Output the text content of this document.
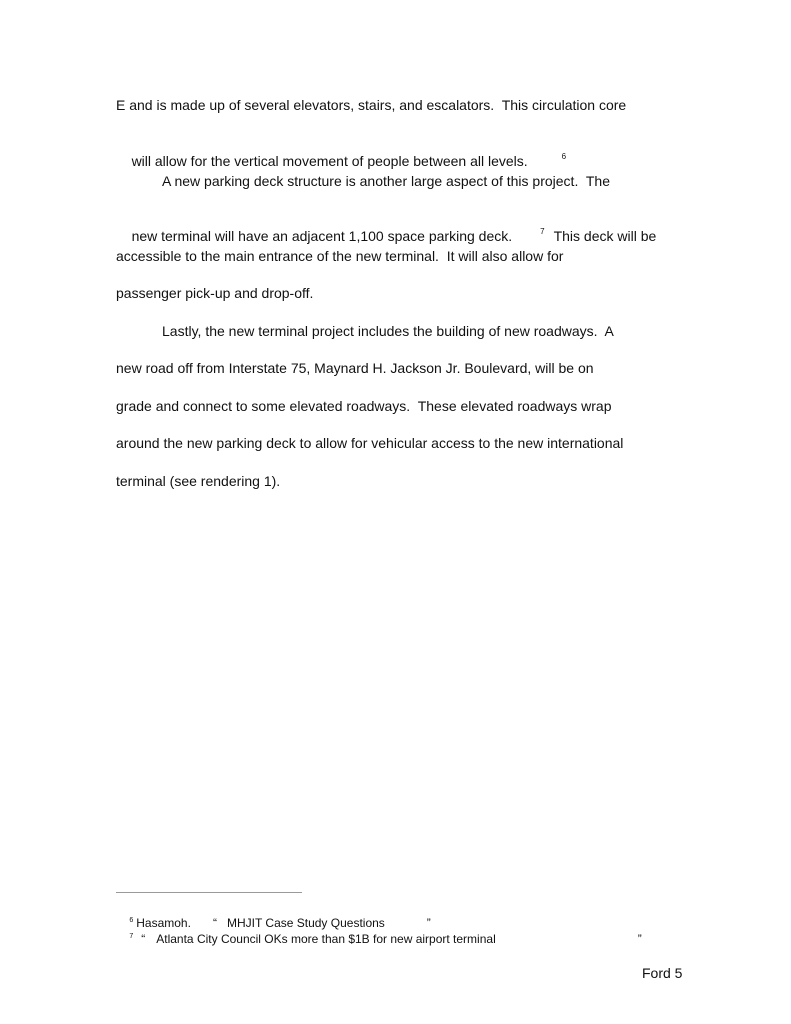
E and is made up of several elevators, stairs, and escalators.  This circulation core

will allow for the vertical movement of people between all levels.	$^6$

A new parking deck structure is another large aspect of this project.  The

new terminal will have an adjacent 1,100 space parking deck.	$^7$ This deck will be

accessible to the main entrance of the new terminal.  It will also allow for
passenger pick-up and drop-off.
Lastly, the new terminal project includes the building of new roadways.  A
new road off from Interstate 75, Maynard H. Jackson Jr. Boulevard, will be on
grade and connect to some elevated roadways.  These elevated roadways wrap
around the new parking deck to allow for vehicular access to the new international
terminal (see rendering 1).

$^6$ Hasamoh. “ MHJIT Case Study Questions	”

$^7$ “ Atlanta City Council OKs more than $1B for new airport terminal	”

Ford 5
